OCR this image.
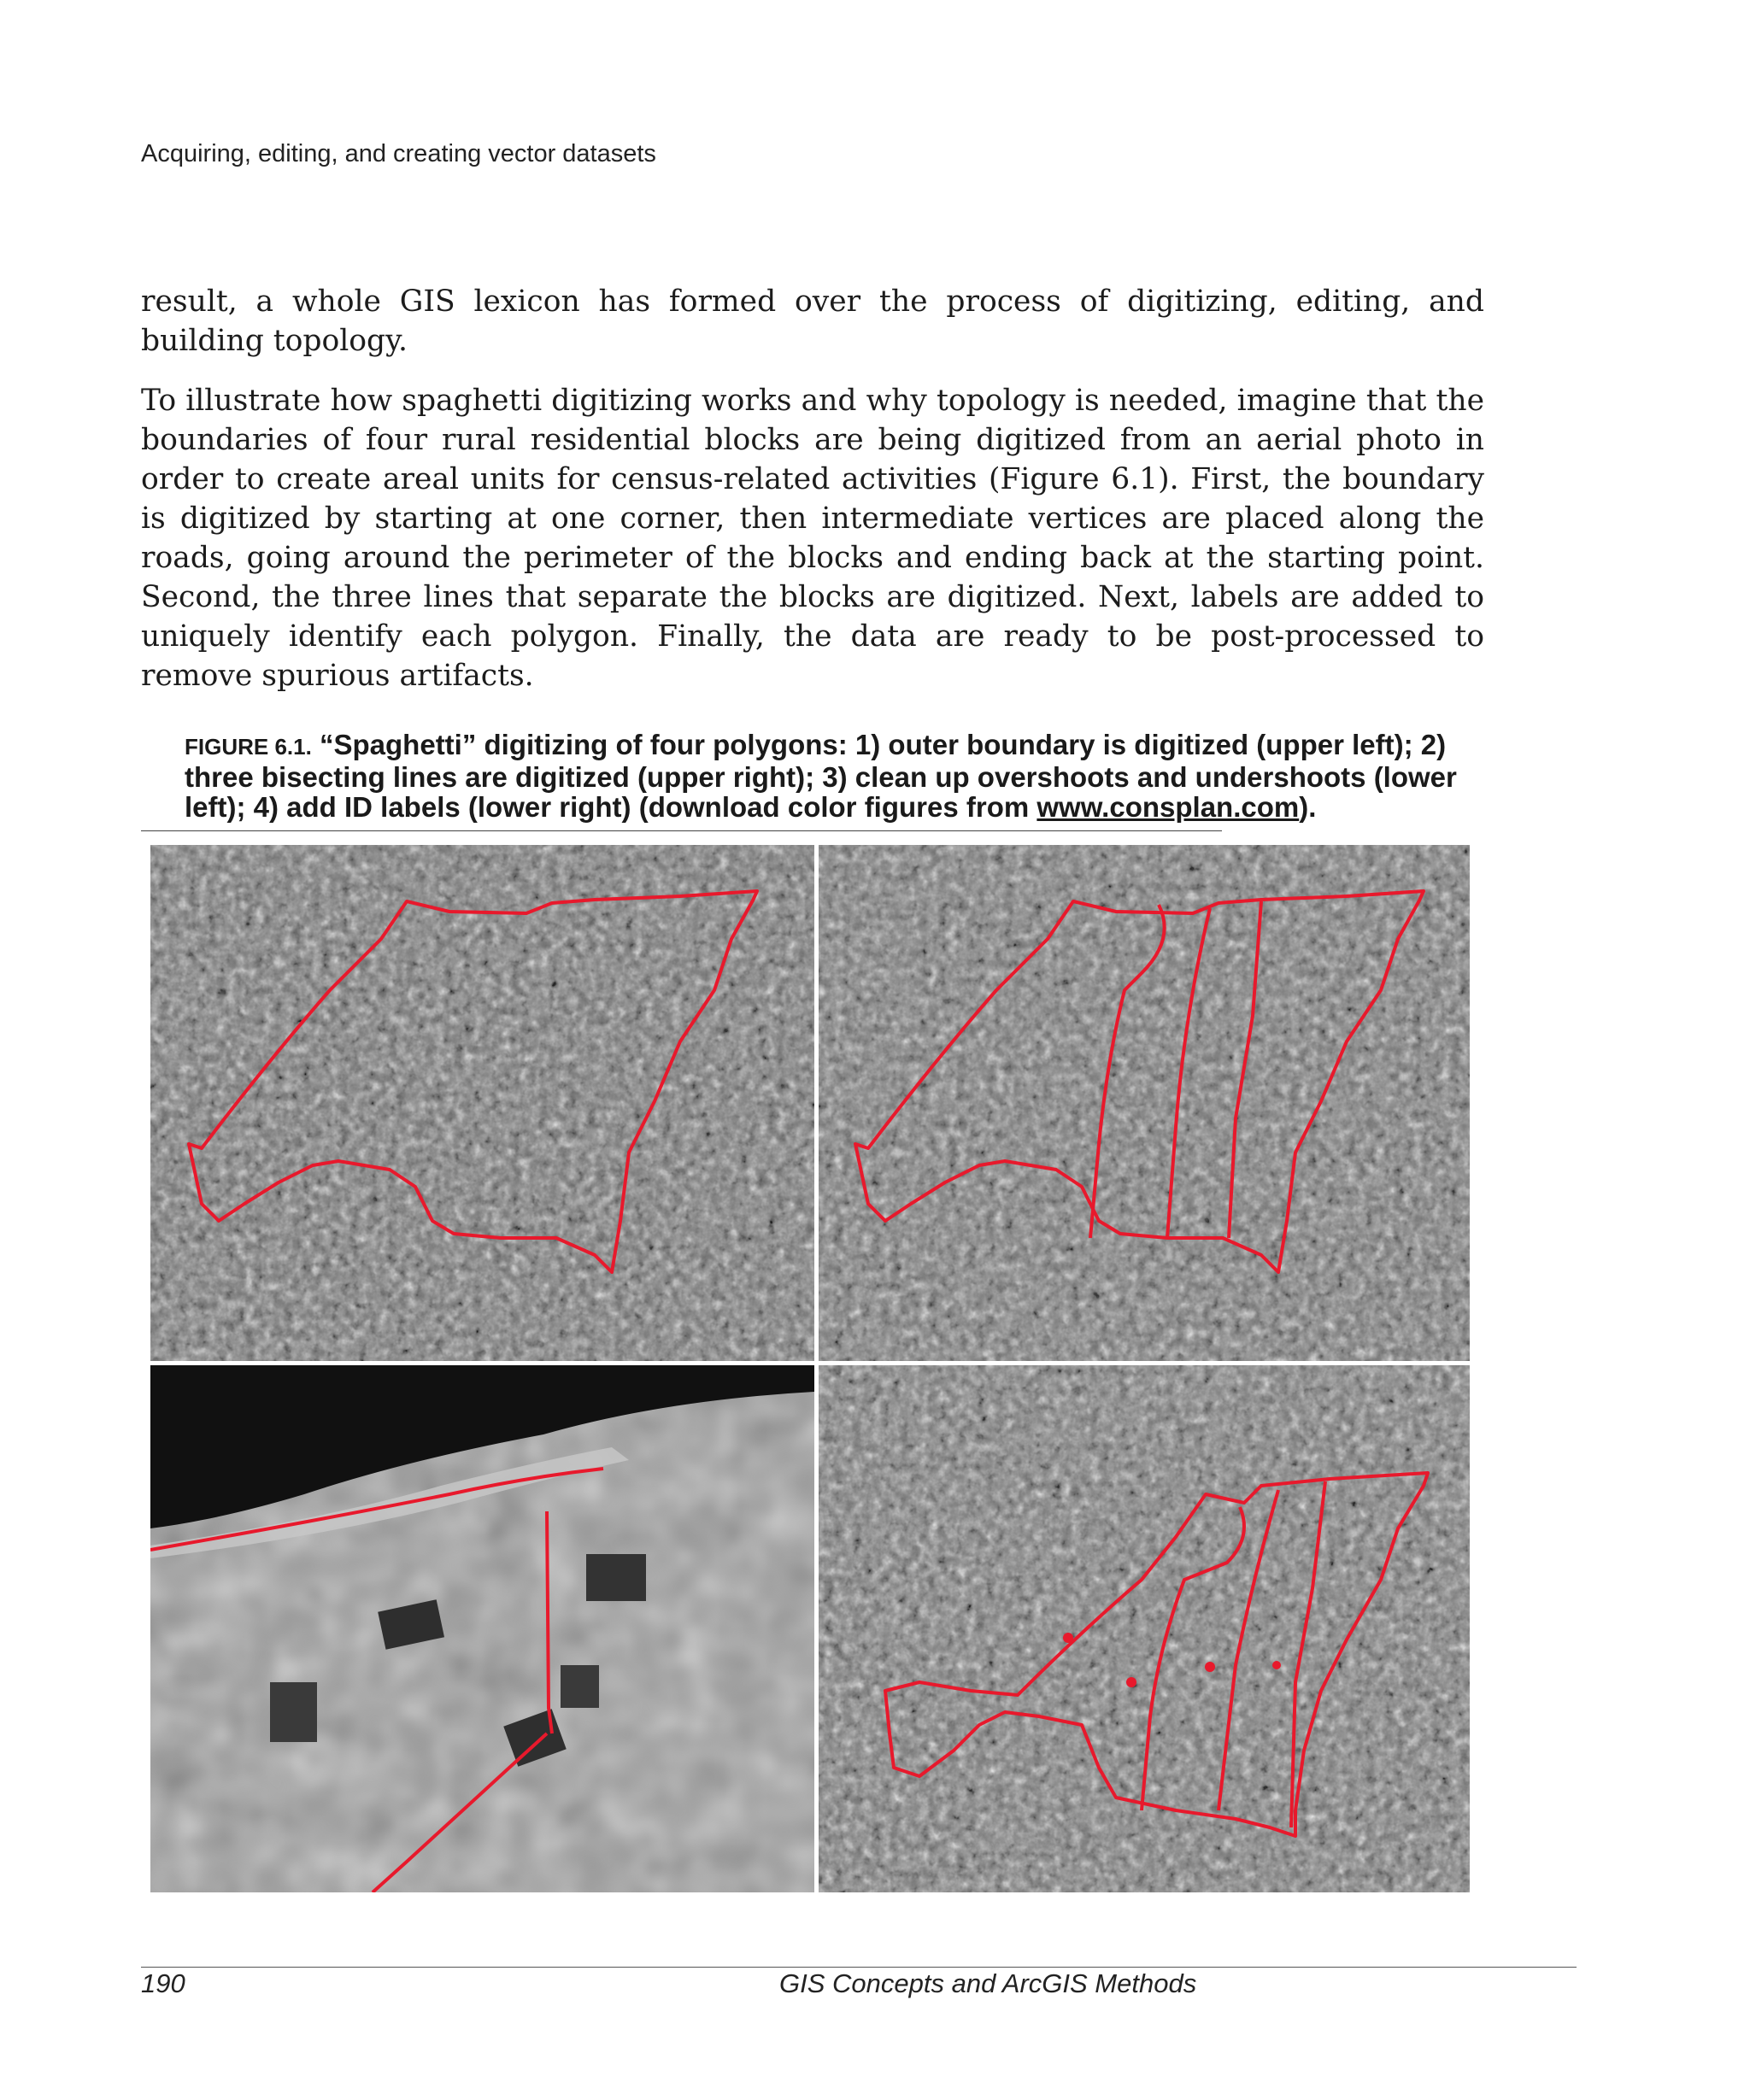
Acquiring, editing, and creating vector datasets

result, a whole GIS lexicon has formed over the process of digitizing, editing, and building topology.

To illustrate how spaghetti digitizing works and why topology is needed, imagine that the boundaries of four rural residential blocks are being digitized from an aerial photo in order to create areal units for census-related activities (Figure 6.1). First, the boundary is digitized by starting at one corner, then intermediate vertices are placed along the roads, going around the perimeter of the blocks and ending back at the starting point. Second, the three lines that separate the blocks are digitized. Next, labels are added to uniquely identify each polygon. Finally, the data are ready to be post-processed to remove spurious artifacts.

FIGURE 6.1. “Spaghetti” digitizing of four polygons: 1) outer boundary is digitized (upper left); 2) three bisecting lines are digitized (upper right); 3) clean up overshoots and undershoots (lower left); 4) add ID labels (lower right) (download color figures from www.consplan.com).

190	GIS Concepts and ArcGIS Methods
